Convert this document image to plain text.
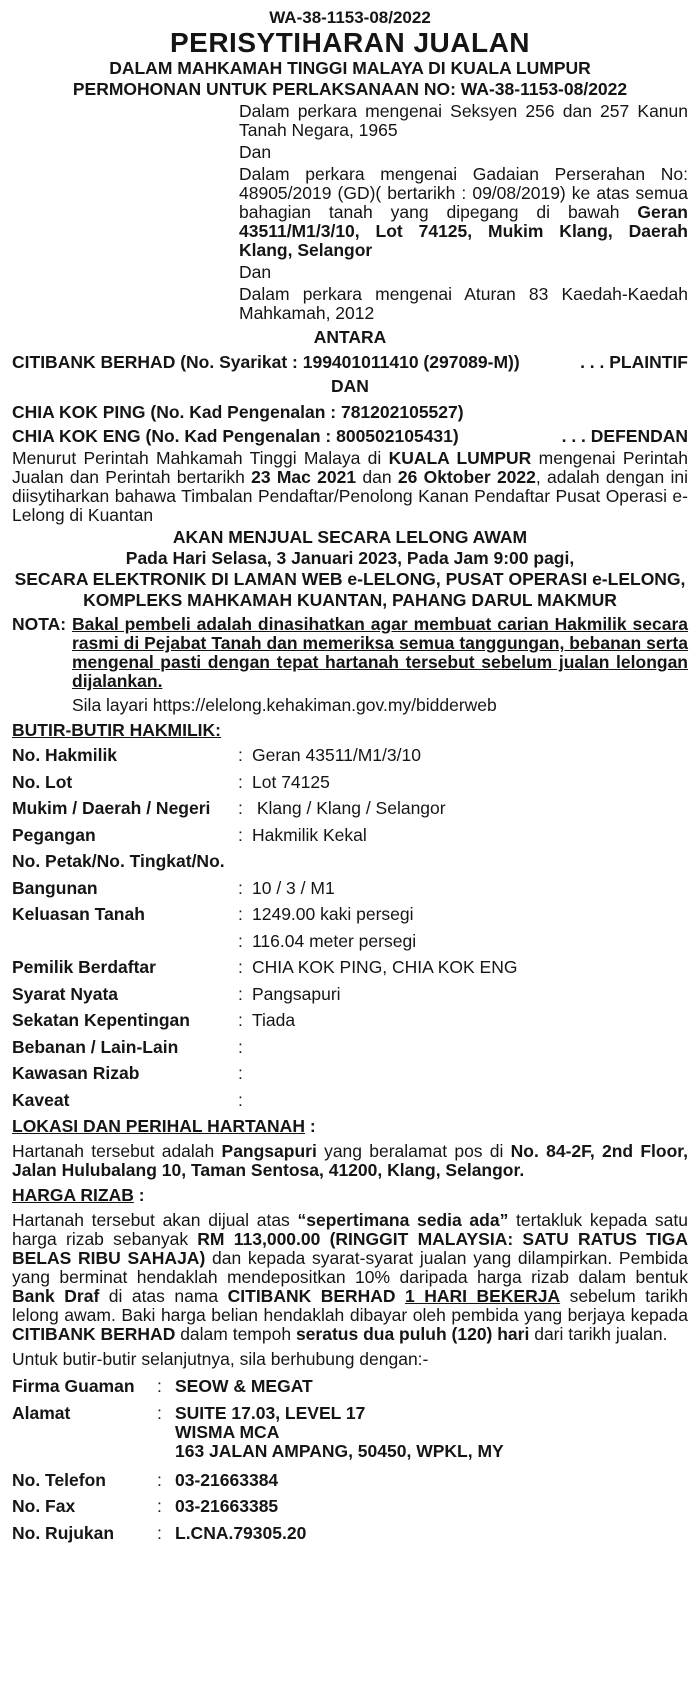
WA-38-1153-08/2022
PERISYTIHARAN JUALAN
DALAM MAHKAMAH TINGGI MALAYA DI KUALA LUMPUR
PERMOHONAN UNTUK PERLAKSANAAN NO: WA-38-1153-08/2022
Dalam perkara mengenai Seksyen 256 dan 257 Kanun Tanah Negara, 1965
Dan
Dalam perkara mengenai Gadaian Perserahan No: 48905/2019 (GD)( bertarikh : 09/08/2019) ke atas semua bahagian tanah yang dipegang di bawah Geran 43511/M1/3/10, Lot 74125, Mukim Klang, Daerah Klang, Selangor
Dan
Dalam perkara mengenai Aturan 83 Kaedah-Kaedah Mahkamah, 2012
ANTARA
CITIBANK BERHAD (No. Syarikat : 199401011410 (297089-M))	. . . PLAINTIF
DAN
CHIA KOK PING (No. Kad Pengenalan : 781202105527)
CHIA KOK ENG (No. Kad Pengenalan : 800502105431)	. . . DEFENDAN
Menurut Perintah Mahkamah Tinggi Malaya di KUALA LUMPUR mengenai Perintah Jualan dan Perintah bertarikh 23 Mac 2021 dan 26 Oktober 2022, adalah dengan ini diisytiharkan bahawa Timbalan Pendaftar/Penolong Kanan Pendaftar Pusat Operasi e-Lelong di Kuantan
AKAN MENJUAL SECARA LELONG AWAM
Pada Hari Selasa, 3 Januari 2023, Pada Jam 9:00 pagi,
SECARA ELEKTRONIK DI LAMAN WEB e-LELONG, PUSAT OPERASI e-LELONG,
KOMPLEKS MAHKAMAH KUANTAN, PAHANG DARUL MAKMUR
NOTA: Bakal pembeli adalah dinasihatkan agar membuat carian Hakmilik secara rasmi di Pejabat Tanah dan memeriksa semua tanggungan, bebanan serta mengenal pasti dengan tepat hartanah tersebut sebelum jualan lelongan dijalankan.
Sila layari https://elelong.kehakiman.gov.my/bidderweb
BUTIR-BUTIR HAKMILIK:
No. Hakmilik	: Geran 43511/M1/3/10
No. Lot	: Lot 74125
Mukim / Daerah / Negeri	: Klang / Klang / Selangor
Pegangan	: Hakmilik Kekal
No. Petak/No. Tingkat/No.
Bangunan	: 10 / 3 / M1
Keluasan Tanah	: 1249.00 kaki persegi
: 116.04 meter persegi
Pemilik Berdaftar	: CHIA KOK PING, CHIA KOK ENG
Syarat Nyata	: Pangsapuri
Sekatan Kepentingan	: Tiada
Bebanan / Lain-Lain	:
Kawasan Rizab	:
Kaveat	:
LOKASI DAN PERIHAL HARTANAH :
Hartanah tersebut adalah Pangsapuri yang beralamat pos di No. 84-2F, 2nd Floor, Jalan Hulubalang 10, Taman Sentosa, 41200, Klang, Selangor.
HARGA RIZAB :
Hartanah tersebut akan dijual atas “sepertimana sedia ada” tertakluk kepada satu harga rizab sebanyak RM 113,000.00 (RINGGIT MALAYSIA: SATU RATUS TIGA BELAS RIBU SAHAJA) dan kepada syarat-syarat jualan yang dilampirkan. Pembida yang berminat hendaklah mendepositkan 10% daripada harga rizab dalam bentuk Bank Draf di atas nama CITIBANK BERHAD 1 HARI BEKERJA sebelum tarikh lelong awam. Baki harga belian hendaklah dibayar oleh pembida yang berjaya kepada CITIBANK BERHAD dalam tempoh seratus dua puluh (120) hari dari tarikh jualan.
Untuk butir-butir selanjutnya, sila berhubung dengan:-
Firma Guaman	: SEOW & MEGAT
Alamat	: SUITE 17.03, LEVEL 17
WISMA MCA
163 JALAN AMPANG, 50450, WPKL, MY
No. Telefon	: 03-21663384
No. Fax	: 03-21663385
No. Rujukan	: L.CNA.79305.20
